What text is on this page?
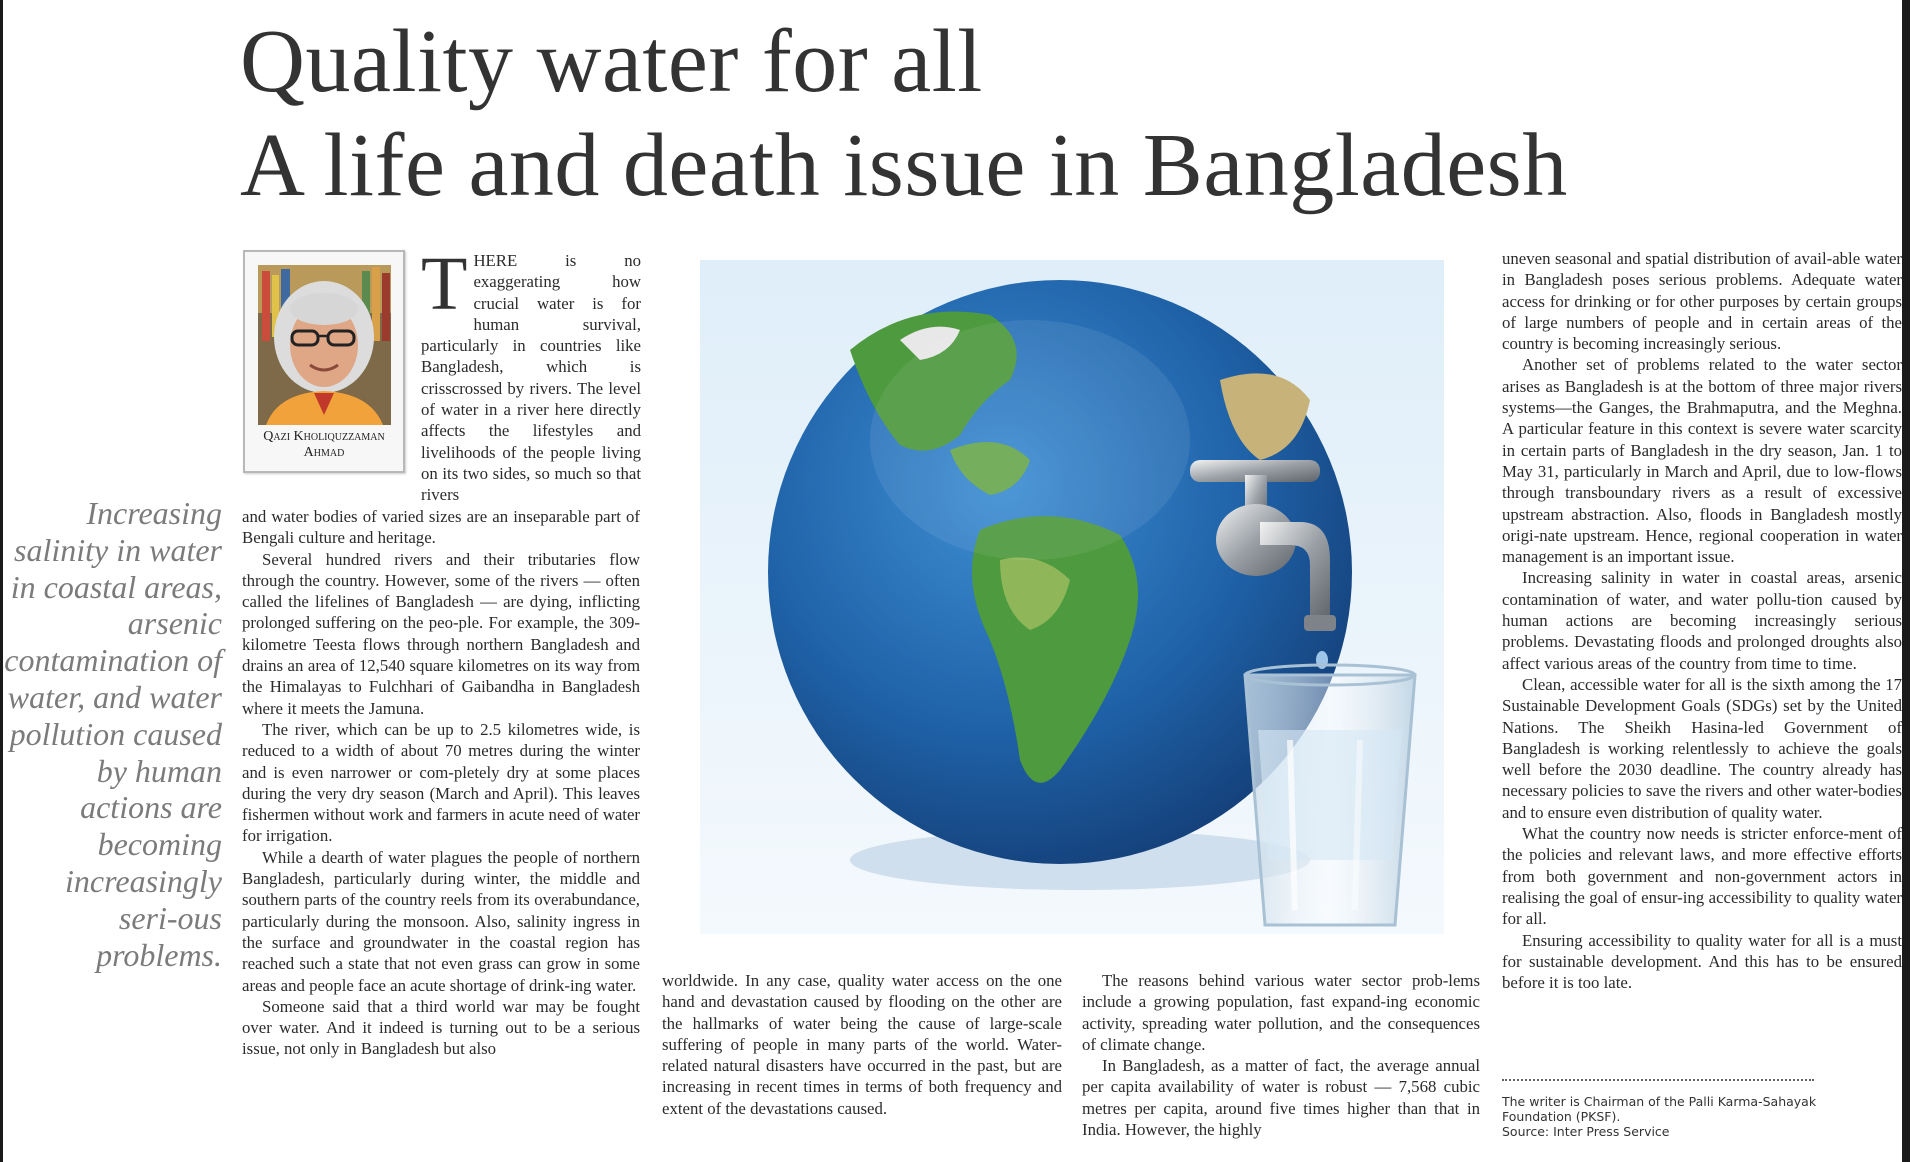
Quality water for all
A life and death issue in Bangladesh

Increasing salinity in water in coastal areas, arsenic contamination of water, and water pollution caused by human actions are becoming increasingly seri-ous problems.

Qazi Kholiquzzaman
Ahmad

THERE is no exaggerating how crucial water is for human survival, particularly in countries like Bangladesh, which is crisscrossed by rivers. The level of water in a river here directly affects the lifestyles and livelihoods of the people living on its two sides, so much so that rivers

and water bodies of varied sizes are an inseparable part of Bengali culture and heritage.

Several hundred rivers and their tributaries flow through the country. However, some of the rivers — often called the lifelines of Bangladesh — are dying, inflicting prolonged suffering on the peo-ple. For example, the 309-kilometre Teesta flows through northern Bangladesh and drains an area of 12,540 square kilometres on its way from the Himalayas to Fulchhari of Gaibandha in Bangladesh where it meets the Jamuna.

The river, which can be up to 2.5 kilometres wide, is reduced to a width of about 70 metres during the winter and is even narrower or com-pletely dry at some places during the very dry season (March and April). This leaves fishermen without work and farmers in acute need of water for irrigation.

While a dearth of water plagues the people of northern Bangladesh, particularly during winter, the middle and southern parts of the country reels from its overabundance, particularly during the monsoon. Also, salinity ingress in the surface and groundwater in the coastal region has reached such a state that not even grass can grow in some areas and people face an acute shortage of drink-ing water.

Someone said that a third world war may be fought over water. And it indeed is turning out to be a serious issue, not only in Bangladesh but also

worldwide. In any case, quality water access on the one hand and devastation caused by flooding on the other are the hallmarks of water being the cause of large-scale suffering of people in many parts of the world. Water-related natural disasters have occurred in the past, but are increasing in recent times in terms of both frequency and extent of the devastations caused.

The reasons behind various water sector prob-lems include a growing population, fast expand-ing economic activity, spreading water pollution, and the consequences of climate change.

In Bangladesh, as a matter of fact, the average annual per capita availability of water is robust — 7,568 cubic metres per capita, around five times higher than that in India. However, the highly

uneven seasonal and spatial distribution of avail-able water in Bangladesh poses serious problems. Adequate water access for drinking or for other purposes by certain groups of large numbers of people and in certain areas of the country is becoming increasingly serious.

Another set of problems related to the water sector arises as Bangladesh is at the bottom of three major rivers systems—the Ganges, the Brahmaputra, and the Meghna. A particular feature in this context is severe water scarcity in certain parts of Bangladesh in the dry season, Jan. 1 to May 31, particularly in March and April, due to low-flows through transboundary rivers as a result of excessive upstream abstraction. Also, floods in Bangladesh mostly origi-nate upstream. Hence, regional cooperation in water management is an important issue.

Increasing salinity in water in coastal areas, arsenic contamination of water, and water pollu-tion caused by human actions are becoming increasingly serious problems. Devastating floods and prolonged droughts also affect various areas of the country from time to time.

Clean, accessible water for all is the sixth among the 17 Sustainable Development Goals (SDGs) set by the United Nations. The Sheikh Hasina-led Government of Bangladesh is working relentlessly to achieve the goals well before the 2030 deadline. The country already has necessary policies to save the rivers and other water-bodies and to ensure even distribution of quality water.

What the country now needs is stricter enforce-ment of the policies and relevant laws, and more effective efforts from both government and non-government actors in realising the goal of ensur-ing accessibility to quality water for all.

Ensuring accessibility to quality water for all is a must for sustainable development. And this has to be ensured before it is too late.

The writer is Chairman of the Palli Karma-Sahayak Foundation (PKSF).
Source: Inter Press Service
